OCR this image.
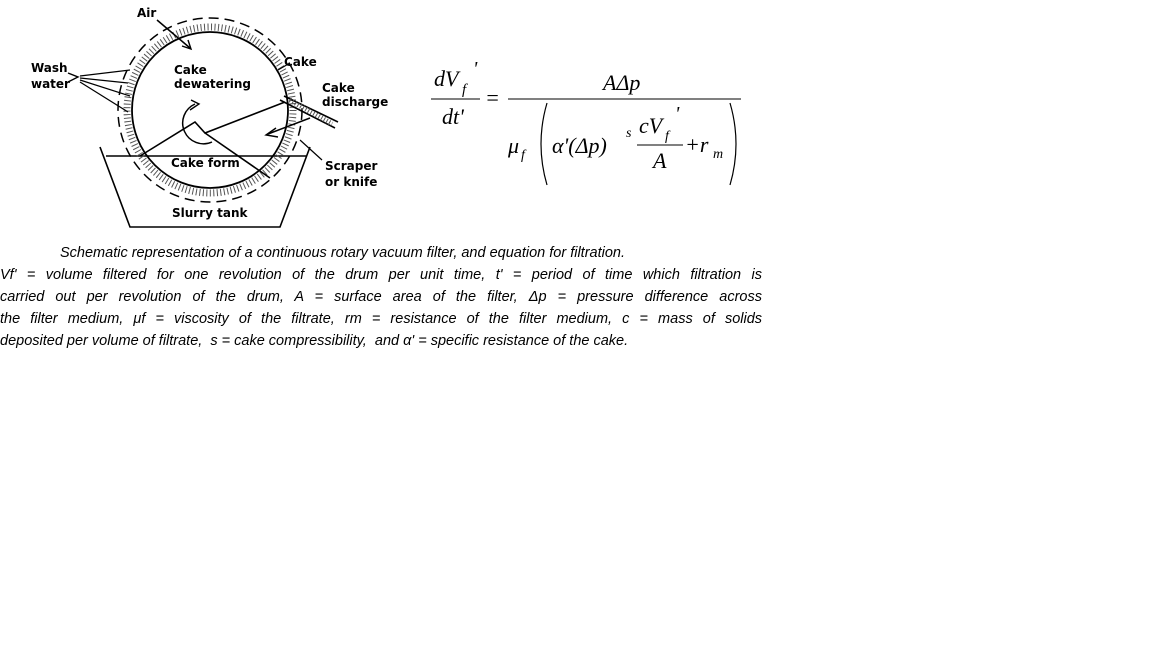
Air
Wash
water
Cake
dewatering
Cake
Cake
discharge
Cake form	Scraper
or knife
Slurry tank
dV '
f
dt'
=
AΔp
μ f α'(Δp) s cV '
f
A
+r m
Schematic representation of a continuous rotary vacuum filter, and equation for filtration.
Vf' = volume filtered for one revolution of the drum per unit time, t' = period of time which filtration is
carried out per revolution of the drum, A = surface area of the filter, Δp = pressure difference across
the filter medium, μf = viscosity of the filtrate, rm = resistance of the filter medium, c = mass of solids
deposited per volume of filtrate, s = cake compressibility, and α' = specific resistance of the cake.
